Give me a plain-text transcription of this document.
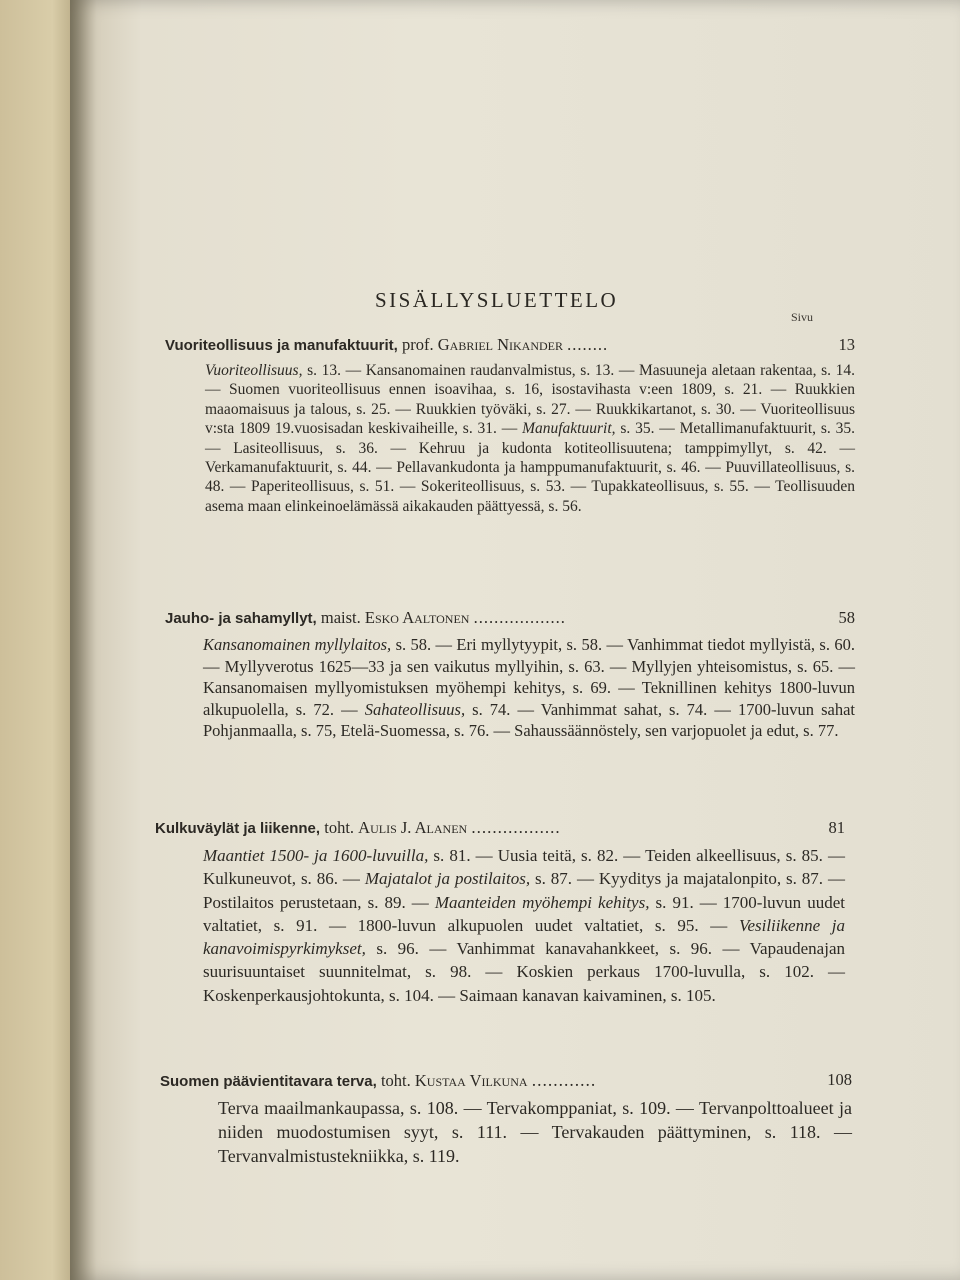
SISÄLLYSLUETTELO
Sivu
Vuoriteollisuus ja manufaktuurit, prof. Gabriel Nikander ........	13
Vuoriteollisuus, s. 13. — Kansanomainen raudanvalmistus, s. 13. — Masuuneja aletaan rakentaa, s. 14. — Suomen vuoriteollisuus ennen isoavihaa, s. 16, isostavihasta v:een 1809, s. 21. — Ruukkien maaomaisuus ja talous, s. 25. — Ruukkien työväki, s. 27. — Ruukkikartanot, s. 30. — Vuoriteollisuus v:sta 1809 19.vuosisadan keskivaiheille, s. 31. — Manufaktuurit, s. 35. — Metallimanufaktuurit, s. 35. — Lasiteollisuus, s. 36. — Kehruu ja kudonta kotiteollisuutena; tamppimyllyt, s. 42. — Verkamanufaktuurit, s. 44. — Pellavankudonta ja hamppumanufaktuurit, s. 46. — Puuvillateollisuus, s. 48. — Paperiteollisuus, s. 51. — Sokeriteollisuus, s. 53. — Tupakkateollisuus, s. 55. — Teollisuuden asema maan elinkeinoelämässä aikakauden päättyessä, s. 56.
Jauho- ja sahamyllyt, maist. Esko Aaltonen ..................	58
Kansanomainen myllylaitos, s. 58. — Eri myllytyypit, s. 58. — Vanhimmat tiedot myllyistä, s. 60. — Myllyverotus 1625—33 ja sen vaikutus myllyihin, s. 63. — Myllyjen yhteisomistus, s. 65. — Kansanomaisen myllyomistuksen myöhempi kehitys, s. 69. — Teknillinen kehitys 1800-luvun alkupuolella, s. 72. — Sahateollisuus, s. 74. — Vanhimmat sahat, s. 74. — 1700-luvun sahat Pohjanmaalla, s. 75, Etelä-Suomessa, s. 76. — Sahaussäännöstely, sen varjopuolet ja edut, s. 77.
Kulkuväylät ja liikenne, toht. Aulis J. Alanen .................	81
Maantiet 1500- ja 1600-luvuilla, s. 81. — Uusia teitä, s. 82. — Teiden alkeellisuus, s. 85. — Kulkuneuvot, s. 86. — Majatalot ja postilaitos, s. 87. — Kyyditys ja majatalonpito, s. 87. — Postilaitos perustetaan, s. 89. — Maanteiden myöhempi kehitys, s. 91. — 1700-luvun uudet valtatiet, s. 91. — 1800-luvun alkupuolen uudet valtatiet, s. 95. — Vesiliikenne ja kanavoimispyrkimykset, s. 96. — Vanhimmat kanavahankkeet, s. 96. — Vapaudenajan suurisuuntaiset suunnitelmat, s. 98. — Koskien perkaus 1700-luvulla, s. 102. — Koskenperkausjohtokunta, s. 104. — Saimaan kanavan kaivaminen, s. 105.
Suomen päävientitavara terva, toht. Kustaa Vilkuna ............	108
Terva maailmankaupassa, s. 108. — Tervakomppaniat, s. 109. — Tervanpolttoalueet ja niiden muodostumisen syyt, s. 111. — Tervakauden päättyminen, s. 118. — Tervanvalmistustekniikka, s. 119.
